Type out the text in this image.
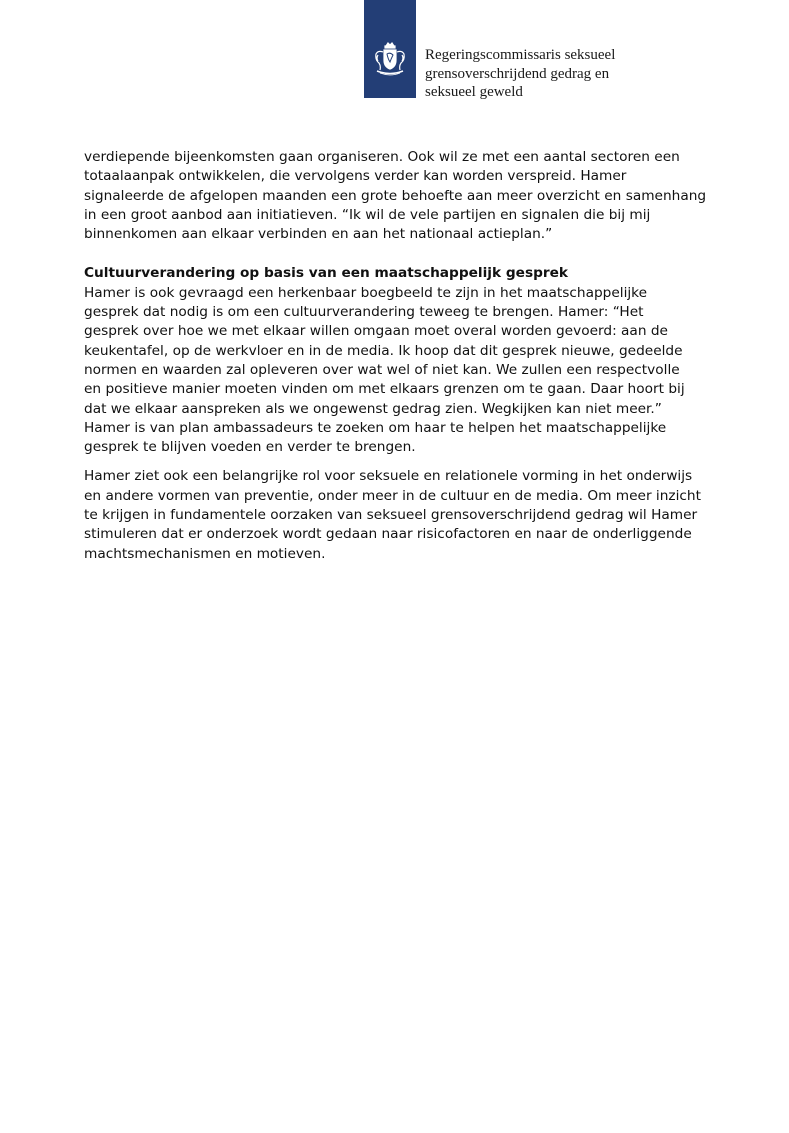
Regeringscommissaris seksueel
grensoverschrijdend gedrag en
seksueel geweld

verdiepende bijeenkomsten gaan organiseren. Ook wil ze met een aantal sectoren een
totaalaanpak ontwikkelen, die vervolgens verder kan worden verspreid. Hamer
signaleerde de afgelopen maanden een grote behoefte aan meer overzicht en samenhang
in een groot aanbod aan initiatieven. “Ik wil de vele partijen en signalen die bij mij
binnenkomen aan elkaar verbinden en aan het nationaal actieplan.”

Cultuurverandering op basis van een maatschappelijk gesprek

Hamer is ook gevraagd een herkenbaar boegbeeld te zijn in het maatschappelijke
gesprek dat nodig is om een cultuurverandering teweeg te brengen. Hamer: “Het
gesprek over hoe we met elkaar willen omgaan moet overal worden gevoerd: aan de
keukentafel, op de werkvloer en in de media. Ik hoop dat dit gesprek nieuwe, gedeelde
normen en waarden zal opleveren over wat wel of niet kan. We zullen een respectvolle
en positieve manier moeten vinden om met elkaars grenzen om te gaan. Daar hoort bij
dat we elkaar aanspreken als we ongewenst gedrag zien. Wegkijken kan niet meer.”
Hamer is van plan ambassadeurs te zoeken om haar te helpen het maatschappelijke
gesprek te blijven voeden en verder te brengen.

Hamer ziet ook een belangrijke rol voor seksuele en relationele vorming in het onderwijs
en andere vormen van preventie, onder meer in de cultuur en de media. Om meer inzicht
te krijgen in fundamentele oorzaken van seksueel grensoverschrijdend gedrag wil Hamer
stimuleren dat er onderzoek wordt gedaan naar risicofactoren en naar de onderliggende
machtsmechanismen en motieven.
